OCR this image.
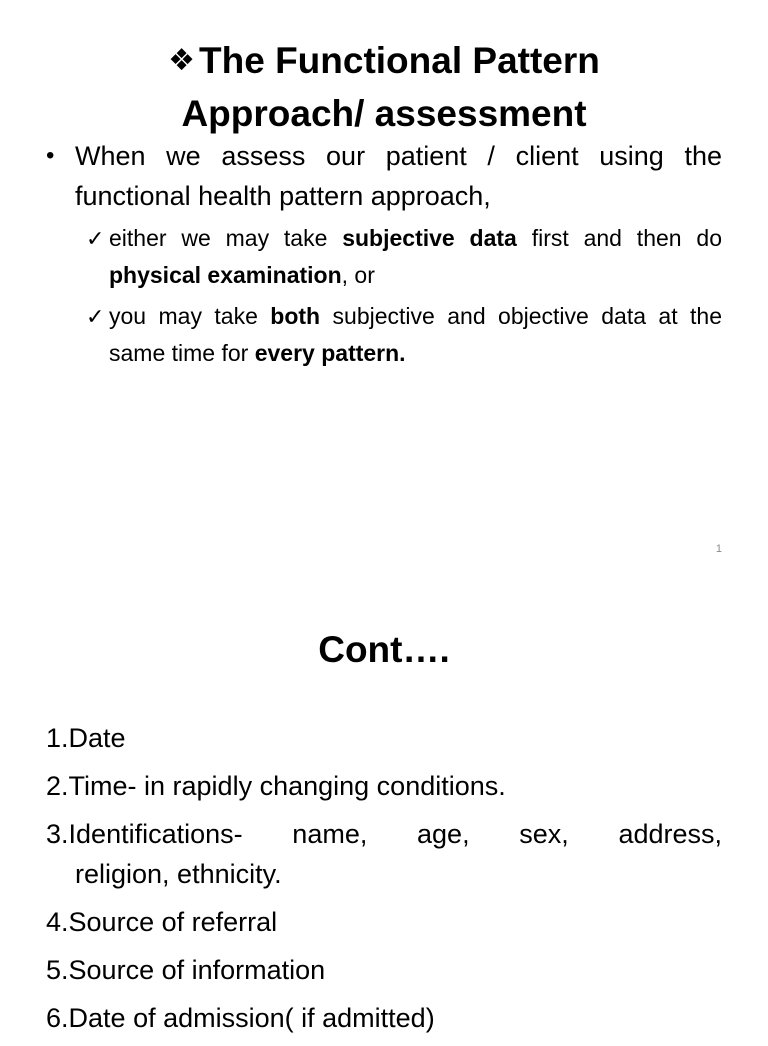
❖ The Functional Pattern
Approach/ assessment
• When we assess our patient / client using the functional health pattern approach,
✓ either we may take subjective data first and then do physical examination, or
✓ you may take both subjective and objective data at the same time for every pattern.
1
Cont….
1.Date
2.Time- in rapidly changing conditions.
3.Identifications- name, age, sex, address,
religion, ethnicity.
4.Source of referral
5.Source of information
6.Date of admission( if admitted)
